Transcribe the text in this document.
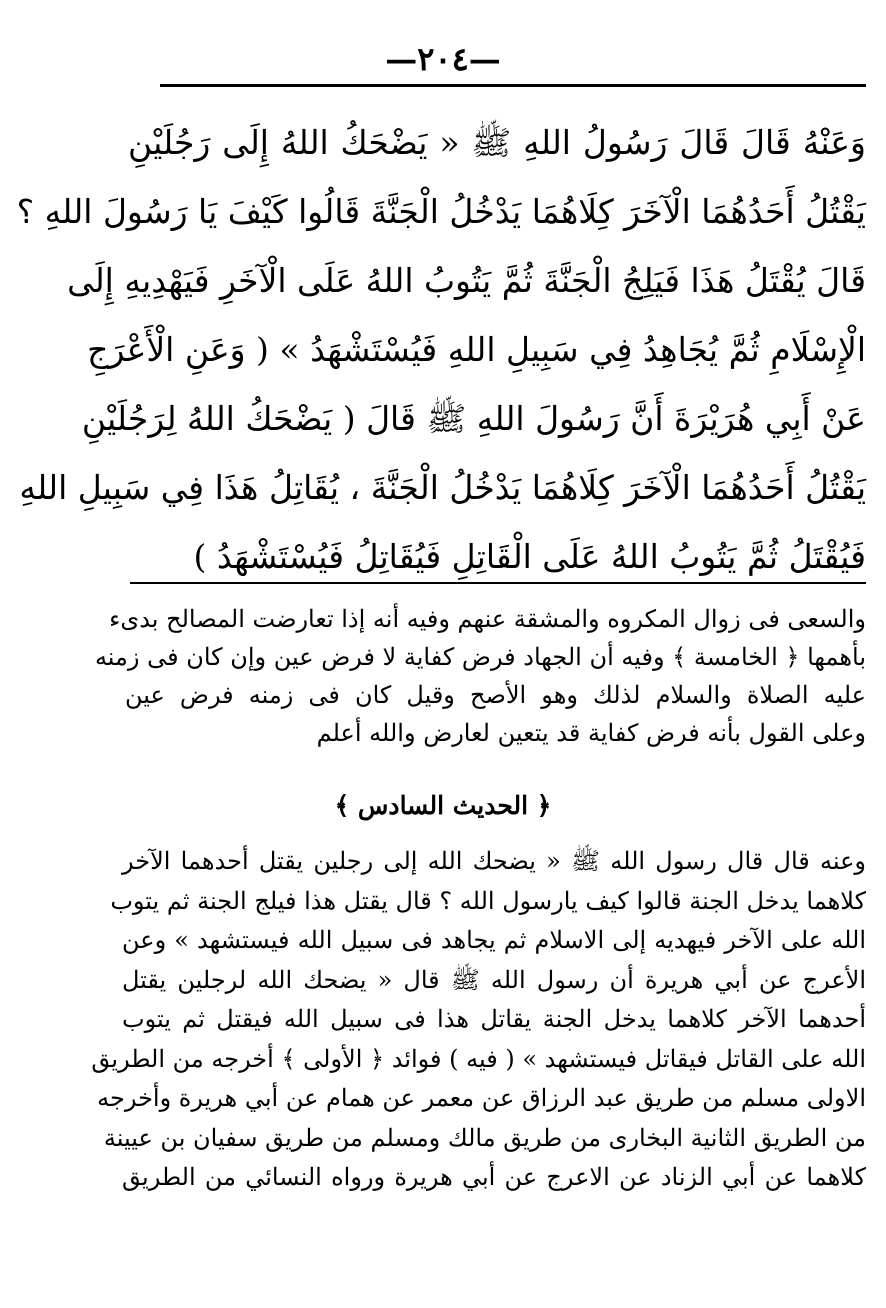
—٢٠٤—
وَعَنْهُ قَالَ قَالَ رَسُولُ اللهِ ﷺ « يَضْحَكُ اللهُ إِلَى رَجُلَيْنِ
يَقْتُلُ أَحَدُهُمَا الْآخَرَ كِلَاهُمَا يَدْخُلُ الْجَنَّةَ قَالُوا كَيْفَ يَا رَسُولَ اللهِ ؟
قَالَ يُقْتَلُ هَذَا فَيَلِجُ الْجَنَّةَ ثُمَّ يَتُوبُ اللهُ عَلَى الْآخَرِ فَيَهْدِيهِ إِلَى
الْإِسْلَامِ ثُمَّ يُجَاهِدُ فِي سَبِيلِ اللهِ فَيُسْتَشْهَدُ » ( وَعَنِ الْأَعْرَجِ
عَنْ أَبِي هُرَيْرَةَ أَنَّ رَسُولَ اللهِ ﷺ قَالَ ( يَضْحَكُ اللهُ لِرَجُلَيْنِ
يَقْتُلُ أَحَدُهُمَا الْآخَرَ كِلَاهُمَا يَدْخُلُ الْجَنَّةَ ، يُقَاتِلُ هَذَا فِي سَبِيلِ اللهِ
فَيُقْتَلُ ثُمَّ يَتُوبُ اللهُ عَلَى الْقَاتِلِ فَيُقَاتِلُ فَيُسْتَشْهَدُ )
والسعى فى زوال المكروه والمشقة عنهم وفيه أنه إذا تعارضت المصالح بدىء
بأهمها ﴿ الخامسة ﴾ وفيه أن الجهاد فرض كفاية لا فرض عين وإن كان فى زمنه
عليه الصلاة والسلام لذلك وهو الأصح وقيل كان فى زمنه فرض عين
وعلى القول بأنه فرض كفاية قد يتعين لعارض والله أعلم
﴿ الحديث السادس ﴾
وعنه قال قال رسول الله ﷺ « يضحك الله إلى رجلين يقتل أحدهما الآخر
كلاهما يدخل الجنة قالوا كيف يارسول الله ؟ قال يقتل هذا فيلج الجنة ثم يتوب
الله على الآخر فيهديه إلى الاسلام ثم يجاهد فى سبيل الله فيستشهد » وعن
الأعرج عن أبي هريرة أن رسول الله ﷺ قال « يضحك الله لرجلين يقتل
أحدهما الآخر كلاهما يدخل الجنة يقاتل هذا فى سبيل الله فيقتل ثم يتوب
الله على القاتل فيقاتل فيستشهد » ( فيه ) فوائد ﴿ الأولى ﴾ أخرجه من الطريق
الاولى مسلم من طريق عبد الرزاق عن معمر عن همام عن أبي هريرة وأخرجه
من الطريق الثانية البخارى من طريق مالك ومسلم من طريق سفيان بن عيينة
كلاهما عن أبي الزناد عن الاعرج عن أبي هريرة ورواه النسائي من الطريق
